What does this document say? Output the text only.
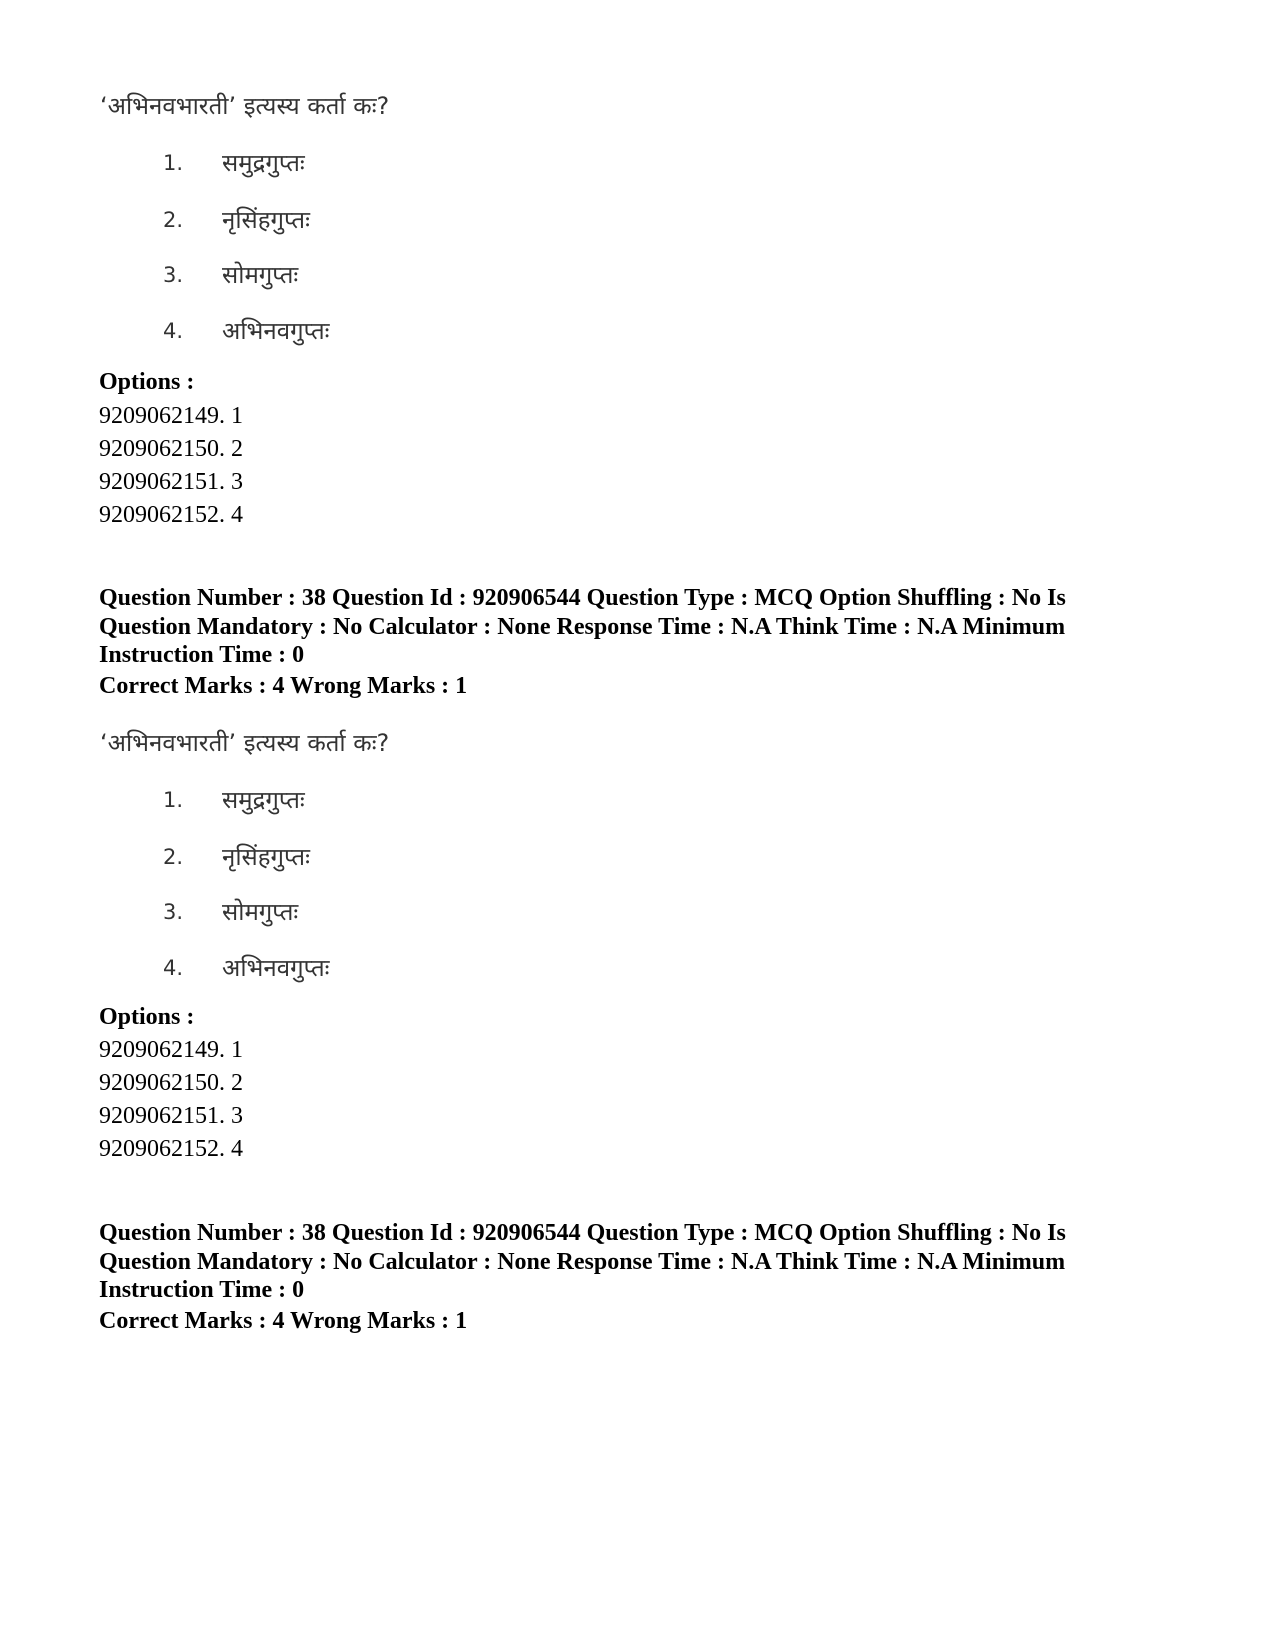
‘अभिनवभारती’ इत्यस्य कर्ता कः?
1. समुद्रगुप्तः
2. नृसिंहगुप्तः
3. सोमगुप्तः
4. अभिनवगुप्तः
Options :
9209062149. 1
9209062150. 2
9209062151. 3
9209062152. 4
Question Number : 38 Question Id : 920906544 Question Type : MCQ Option Shuffling : No Is Question Mandatory : No Calculator : None Response Time : N.A Think Time : N.A Minimum Instruction Time : 0
Correct Marks : 4 Wrong Marks : 1
‘अभिनवभारती’ इत्यस्य कर्ता कः?
1. समुद्रगुप्तः
2. नृसिंहगुप्तः
3. सोमगुप्तः
4. अभिनवगुप्तः
Options :
9209062149. 1
9209062150. 2
9209062151. 3
9209062152. 4
Question Number : 38 Question Id : 920906544 Question Type : MCQ Option Shuffling : No Is Question Mandatory : No Calculator : None Response Time : N.A Think Time : N.A Minimum Instruction Time : 0
Correct Marks : 4 Wrong Marks : 1
